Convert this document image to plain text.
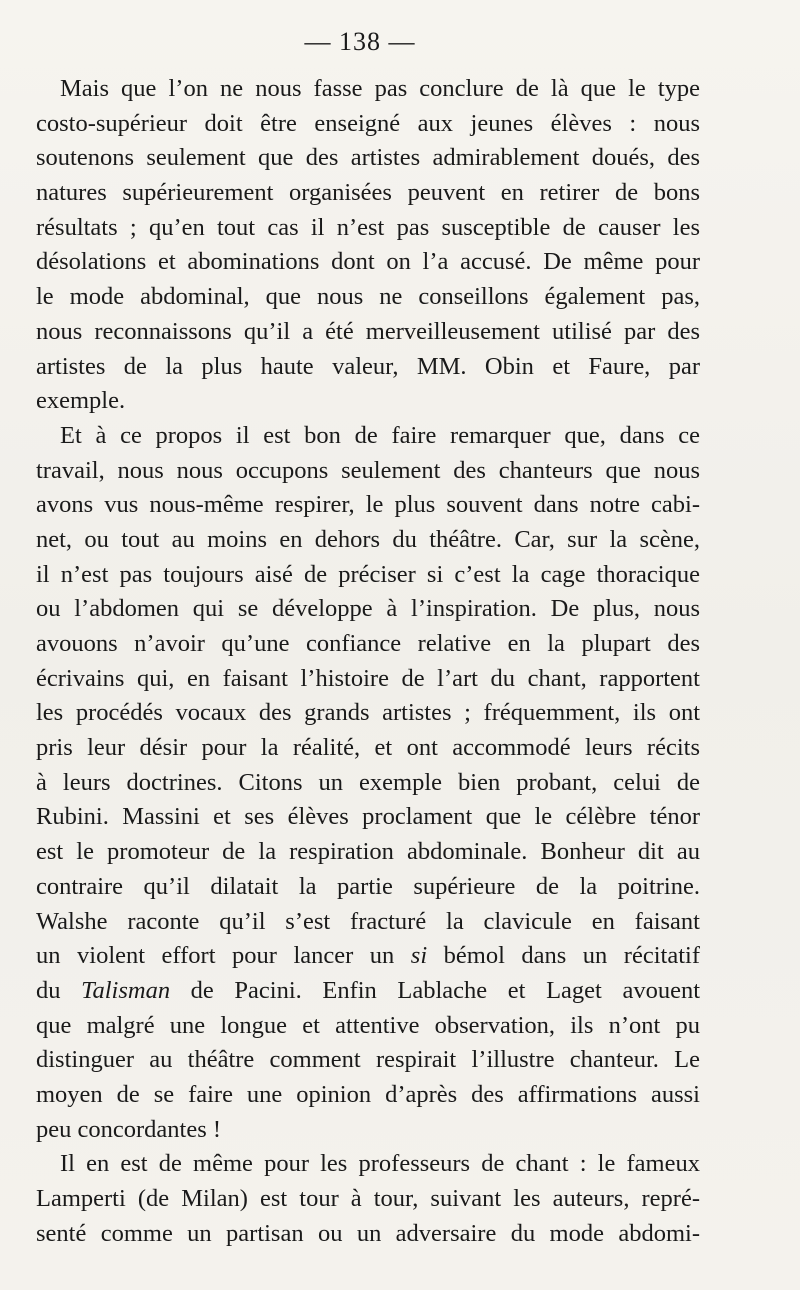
— 138 —
Mais que l’on ne nous fasse pas conclure de là que le type
costo-supérieur doit être enseigné aux jeunes élèves : nous
soutenons seulement que des artistes admirablement doués, des
natures supérieurement organisées peuvent en retirer de bons
résultats ; qu’en tout cas il n’est pas susceptible de causer les
désolations et abominations dont on l’a accusé. De même pour
le mode abdominal, que nous ne conseillons également pas,
nous reconnaissons qu’il a été merveilleusement utilisé par des
artistes de la plus haute valeur, MM. Obin et Faure, par
exemple.
Et à ce propos il est bon de faire remarquer que, dans ce
travail, nous nous occupons seulement des chanteurs que nous
avons vus nous-même respirer, le plus souvent dans notre cabi-
net, ou tout au moins en dehors du théâtre. Car, sur la scène,
il n’est pas toujours aisé de préciser si c’est la cage thoracique
ou l’abdomen qui se développe à l’inspiration. De plus, nous
avouons n’avoir qu’une confiance relative en la plupart des
écrivains qui, en faisant l’histoire de l’art du chant, rapportent
les procédés vocaux des grands artistes ; fréquemment, ils ont
pris leur désir pour la réalité, et ont accommodé leurs récits
à leurs doctrines. Citons un exemple bien probant, celui de
Rubini. Massini et ses élèves proclament que le célèbre ténor
est le promoteur de la respiration abdominale. Bonheur dit au
contraire qu’il dilatait la partie supérieure de la poitrine.
Walshe raconte qu’il s’est fracturé la clavicule en faisant
un violent effort pour lancer un si bémol dans un récitatif
du Talisman de Pacini. Enfin Lablache et Laget avouent
que malgré une longue et attentive observation, ils n’ont pu
distinguer au théâtre comment respirait l’illustre chanteur. Le
moyen de se faire une opinion d’après des affirmations aussi
peu concordantes !
Il en est de même pour les professeurs de chant : le fameux
Lamperti (de Milan) est tour à tour, suivant les auteurs, repré-
senté comme un partisan ou un adversaire du mode abdomi-
